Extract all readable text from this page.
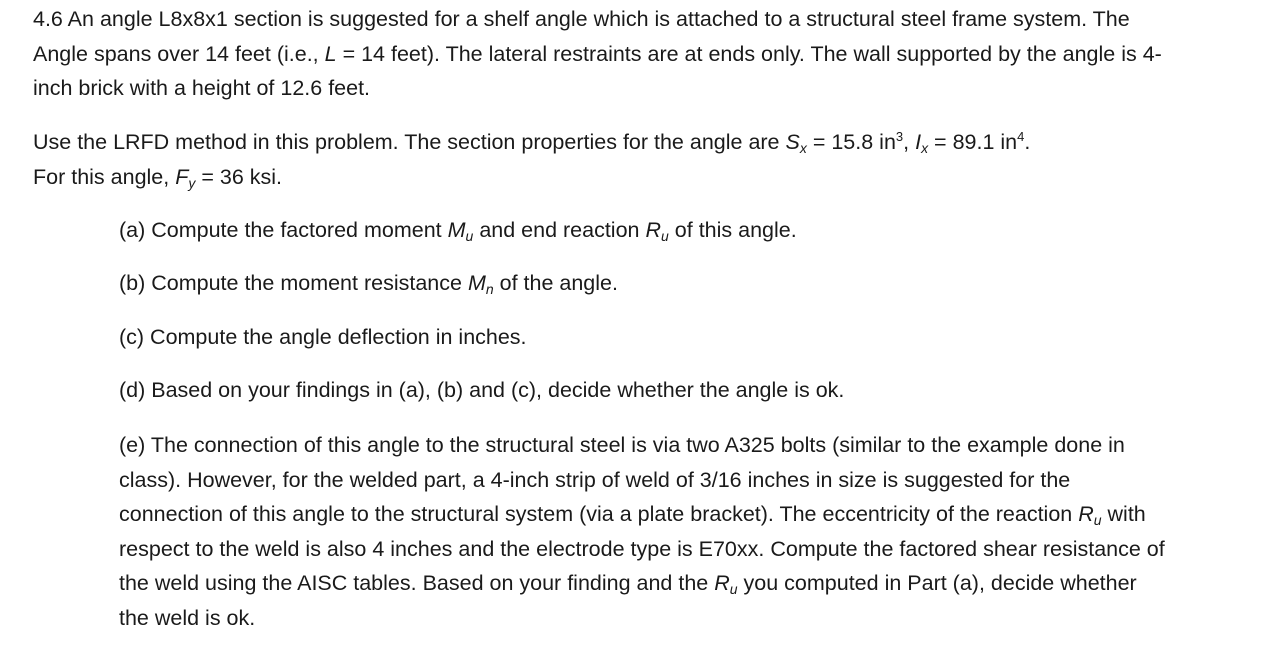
4.6 An angle L8x8x1 section is suggested for a shelf angle which is attached to a structural steel frame system. The Angle spans over 14 feet (i.e., L = 14 feet). The lateral restraints are at ends only. The wall supported by the angle is 4-inch brick with a height of 12.6 feet.

Use the LRFD method in this problem. The section properties for the angle are $S_x = 15.8$ $in^3$, $I_x = 89.1$ $in^4$.
For this angle, $F_y = 36$ ksi.

(a) Compute the factored moment $M_u$ and end reaction $R_u$ of this angle.

(b) Compute the moment resistance $M_n$ of the angle.

(c) Compute the angle deflection in inches.

(d) Based on your findings in (a), (b) and (c), decide whether the angle is ok.

(e) The connection of this angle to the structural steel is via two A325 bolts (similar to the example done in class). However, for the welded part, a 4-inch strip of weld of 3/16 inches in size is suggested for the connection of this angle to the structural system (via a plate bracket). The eccentricity of the reaction $R_u$ with respect to the weld is also 4 inches and the electrode type is E70xx. Compute the factored shear resistance of the weld using the AISC tables. Based on your finding and the $R_u$ you computed in Part (a), decide whether the weld is ok.
